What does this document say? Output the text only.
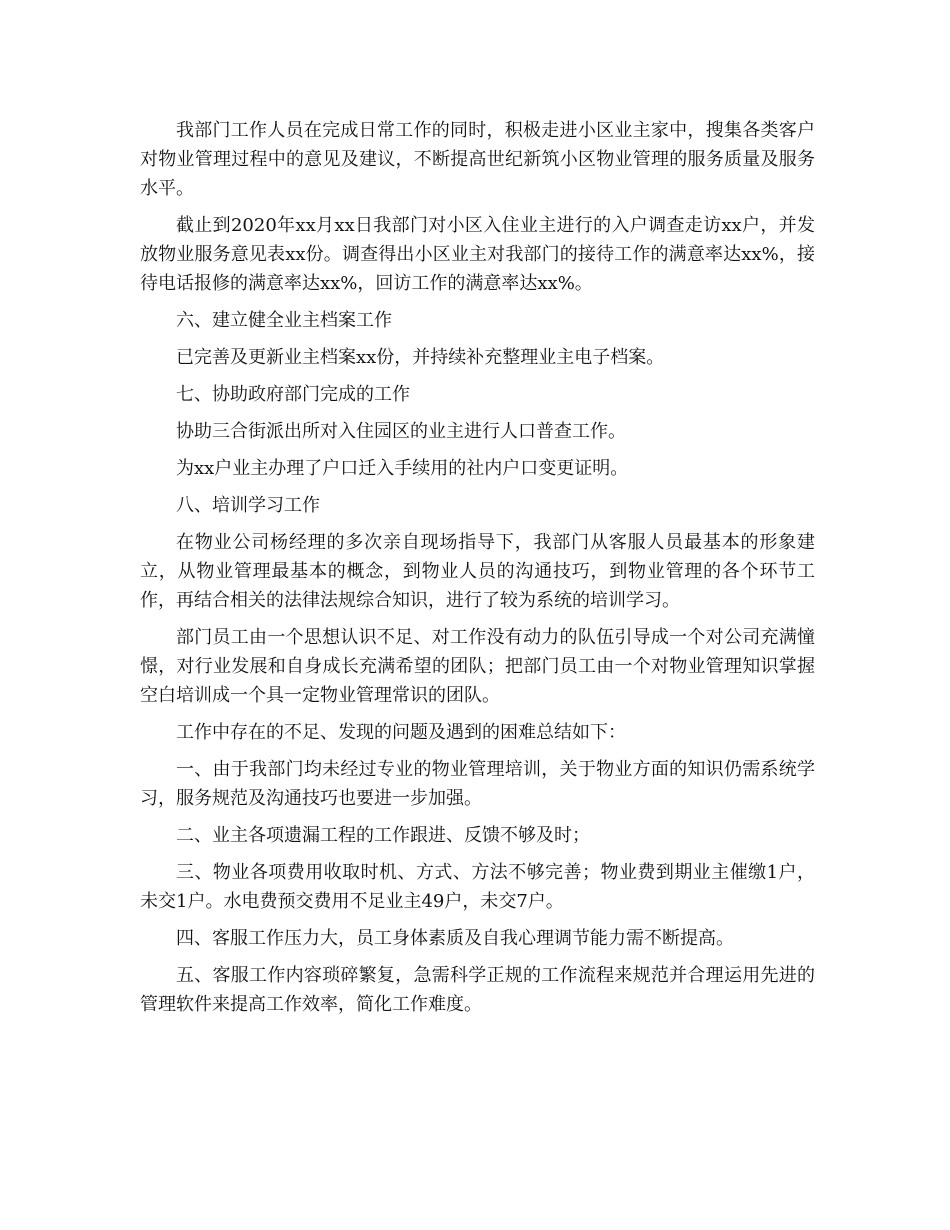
我部门工作人员在完成日常工作的同时，积极走进小区业主家中，搜集各类客户对物业管理过程中的意见及建议，不断提高世纪新筑小区物业管理的服务质量及服务水平。

截止到2020年xx月xx日我部门对小区入住业主进行的入户调查走访xx户，并发放物业服务意见表xx份。调查得出小区业主对我部门的接待工作的满意率达xx%，接待电话报修的满意率达xx%，回访工作的满意率达xx%。

六、建立健全业主档案工作

已完善及更新业主档案xx份，并持续补充整理业主电子档案。

七、协助政府部门完成的工作

协助三合街派出所对入住园区的业主进行人口普查工作。

为xx户业主办理了户口迁入手续用的社内户口变更证明。

八、培训学习工作

在物业公司杨经理的多次亲自现场指导下，我部门从客服人员最基本的形象建立，从物业管理最基本的概念，到物业人员的沟通技巧，到物业管理的各个环节工作，再结合相关的法律法规综合知识，进行了较为系统的培训学习。

部门员工由一个思想认识不足、对工作没有动力的队伍引导成一个对公司充满憧憬，对行业发展和自身成长充满希望的团队；把部门员工由一个对物业管理知识掌握空白培训成一个具一定物业管理常识的团队。

工作中存在的不足、发现的问题及遇到的困难总结如下：

一、由于我部门均未经过专业的物业管理培训，关于物业方面的知识仍需系统学习，服务规范及沟通技巧也要进一步加强。

二、业主各项遗漏工程的工作跟进、反馈不够及时；

三、物业各项费用收取时机、方式、方法不够完善；物业费到期业主催缴1户，未交1户。水电费预交费用不足业主49户，未交7户。

四、客服工作压力大，员工身体素质及自我心理调节能力需不断提高。

五、客服工作内容琐碎繁复，急需科学正规的工作流程来规范并合理运用先进的管理软件来提高工作效率，简化工作难度。
